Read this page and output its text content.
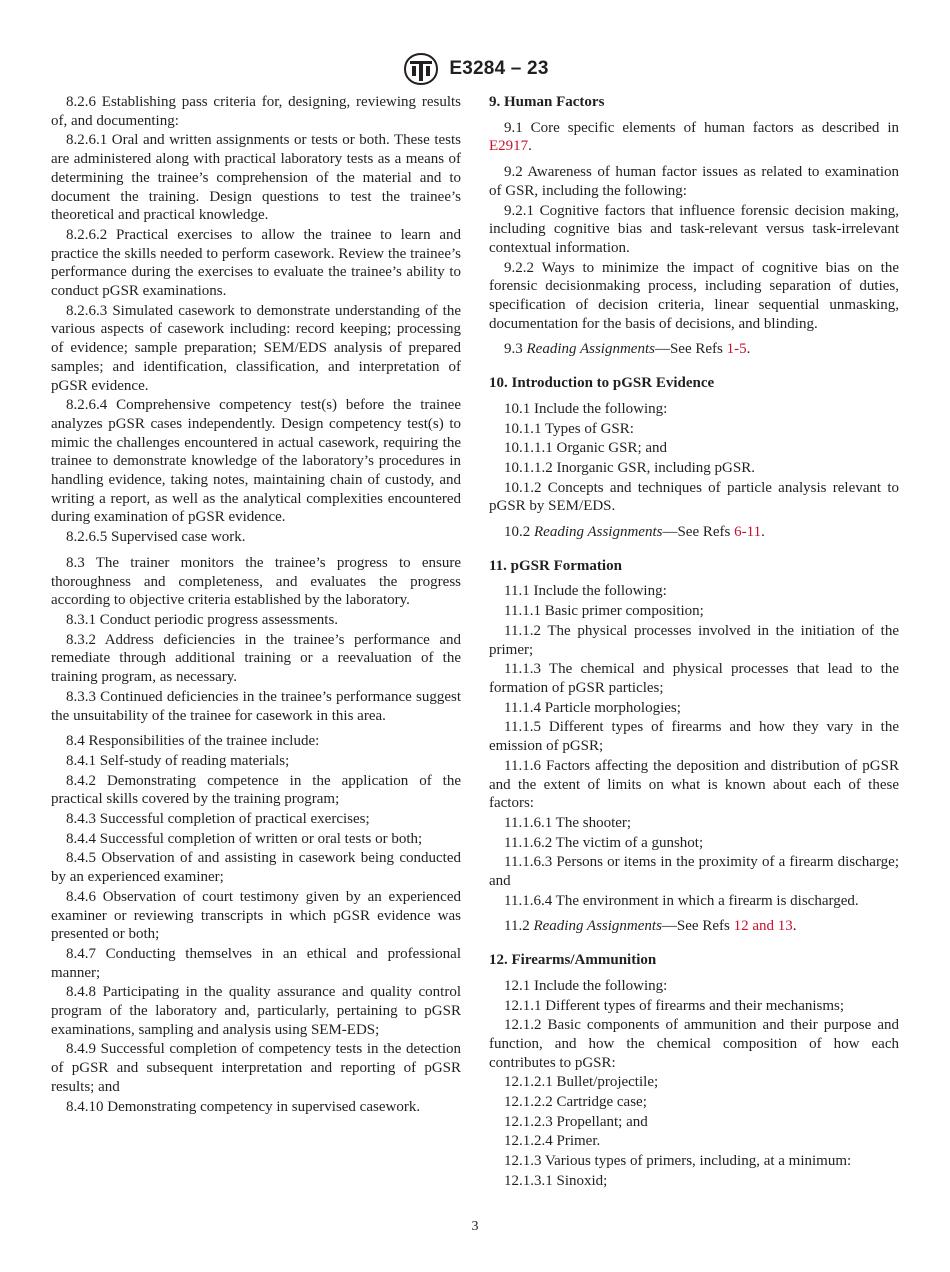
E3284 – 23

8.2.6 Establishing pass criteria for, designing, reviewing results of, and documenting:

8.2.6.1 Oral and written assignments or tests or both. These tests are administered along with practical laboratory tests as a means of determining the trainee’s comprehension of the material and to document the training. Design questions to test the trainee’s theoretical and practical knowledge.

8.2.6.2 Practical exercises to allow the trainee to learn and practice the skills needed to perform casework. Review the trainee’s performance during the exercises to evaluate the trainee’s ability to conduct pGSR examinations.

8.2.6.3 Simulated casework to demonstrate understanding of the various aspects of casework including: record keeping; processing of evidence; sample preparation; SEM/EDS analysis of prepared samples; and identification, classification, and interpretation of pGSR evidence.

8.2.6.4 Comprehensive competency test(s) before the trainee analyzes pGSR cases independently. Design competency test(s) to mimic the challenges encountered in actual casework, requiring the trainee to demonstrate knowledge of the laboratory’s procedures in handling evidence, taking notes, maintaining chain of custody, and writing a report, as well as the analytical complexities encountered during examination of pGSR evidence.

8.2.6.5 Supervised case work.

8.3 The trainer monitors the trainee’s progress to ensure thoroughness and completeness, and evaluates the progress according to objective criteria established by the laboratory.

8.3.1 Conduct periodic progress assessments.

8.3.2 Address deficiencies in the trainee’s performance and remediate through additional training or a reevaluation of the training program, as necessary.

8.3.3 Continued deficiencies in the trainee’s performance suggest the unsuitability of the trainee for casework in this area.

8.4 Responsibilities of the trainee include:

8.4.1 Self-study of reading materials;

8.4.2 Demonstrating competence in the application of the practical skills covered by the training program;

8.4.3 Successful completion of practical exercises;

8.4.4 Successful completion of written or oral tests or both;

8.4.5 Observation of and assisting in casework being conducted by an experienced examiner;

8.4.6 Observation of court testimony given by an experienced examiner or reviewing transcripts in which pGSR evidence was presented or both;

8.4.7 Conducting themselves in an ethical and professional manner;

8.4.8 Participating in the quality assurance and quality control program of the laboratory and, particularly, pertaining to pGSR examinations, sampling and analysis using SEM-EDS;

8.4.9 Successful completion of competency tests in the detection of pGSR and subsequent interpretation and reporting of pGSR results; and

8.4.10 Demonstrating competency in supervised casework.

9. Human Factors

9.1 Core specific elements of human factors as described in E2917.

9.2 Awareness of human factor issues as related to examination of GSR, including the following:

9.2.1 Cognitive factors that influence forensic decision making, including cognitive bias and task-relevant versus task-irrelevant contextual information.

9.2.2 Ways to minimize the impact of cognitive bias on the forensic decisionmaking process, including separation of duties, specification of decision criteria, linear sequential unmasking, documentation for the basis of decisions, and blinding.

9.3 Reading Assignments—See Refs 1-5.

10. Introduction to pGSR Evidence

10.1 Include the following:

10.1.1 Types of GSR:

10.1.1.1 Organic GSR; and

10.1.1.2 Inorganic GSR, including pGSR.

10.1.2 Concepts and techniques of particle analysis relevant to pGSR by SEM/EDS.

10.2 Reading Assignments—See Refs 6-11.

11. pGSR Formation

11.1 Include the following:

11.1.1 Basic primer composition;

11.1.2 The physical processes involved in the initiation of the primer;

11.1.3 The chemical and physical processes that lead to the formation of pGSR particles;

11.1.4 Particle morphologies;

11.1.5 Different types of firearms and how they vary in the emission of pGSR;

11.1.6 Factors affecting the deposition and distribution of pGSR and the extent of limits on what is known about each of these factors:

11.1.6.1 The shooter;

11.1.6.2 The victim of a gunshot;

11.1.6.3 Persons or items in the proximity of a firearm discharge; and

11.1.6.4 The environment in which a firearm is discharged.

11.2 Reading Assignments—See Refs 12 and 13.

12. Firearms/Ammunition

12.1 Include the following:

12.1.1 Different types of firearms and their mechanisms;

12.1.2 Basic components of ammunition and their purpose and function, and how the chemical composition of how each contributes to pGSR:

12.1.2.1 Bullet/projectile;

12.1.2.2 Cartridge case;

12.1.2.3 Propellant; and

12.1.2.4 Primer.

12.1.3 Various types of primers, including, at a minimum:

12.1.3.1 Sinoxid;

3
